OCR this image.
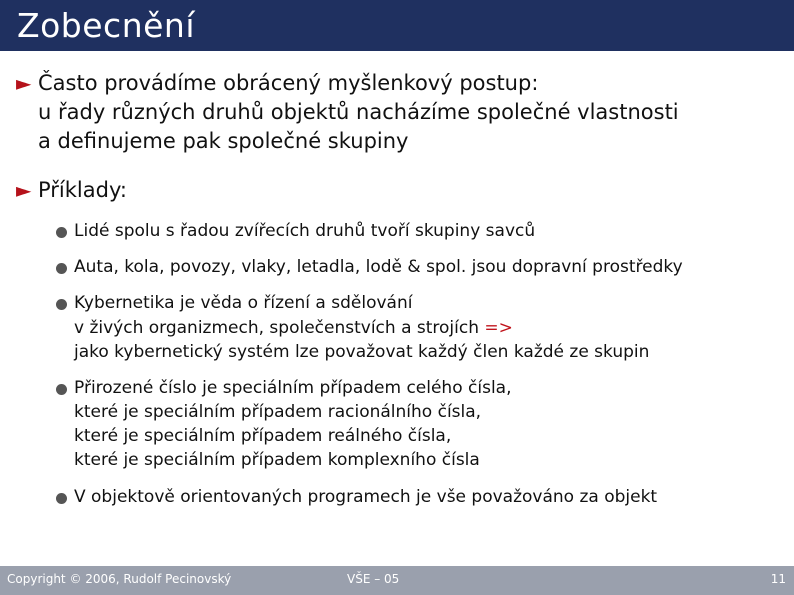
Zobecnění
► Často provádíme obrácený myšlenkový postup:
u řady různých druhů objektů nacházíme společné vlastnosti
a definujeme pak společné skupiny
► Příklady:
Lidé spolu s řadou zvířecích druhů tvoří skupiny savců
Auta, kola, povozy, vlaky, letadla, lodě & spol. jsou dopravní prostředky
Kybernetika je věda o řízení a sdělování
v živých organizmech, společenstvích a strojích =>
jako kybernetický systém lze považovat každý člen každé ze skupin
Přirozené číslo je speciálním případem celého čísla,
které je speciálním případem racionálního čísla,
které je speciálním případem reálného čísla,
které je speciálním případem komplexního čísla
V objektově orientovaných programech je vše považováno za objekt
Copyright © 2006, Rudolf Pecinovský	VŠE – 05	11
